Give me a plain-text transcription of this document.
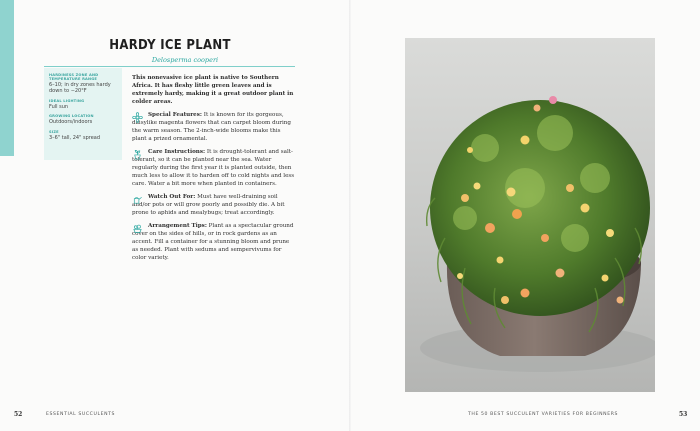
HARDY ICE PLANT
Delosperma cooperi
HARDINESS ZONE AND TEMPERATURE RANGE
6–10; in dry zones hardy down to −20°F
IDEAL LIGHTING
Full sun
GROWING LOCATION
Outdoors/indoors
SIZE
3–6" tall, 24" spread

This nonevasive ice plant is native to Southern Africa. It has fleshy little green leaves and is extremely hardy, making it a great outdoor plant in colder areas.

Special Features: It is known for its gorgeous, daisylike magenta flowers that can carpet bloom during the warm season. The 2-inch-wide blooms make this plant a prized ornamental.

Care Instructions: It is drought-tolerant and salt-tolerant, so it can be planted near the sea. Water regularly during the first year it is planted outside, then much less to allow it to harden off to cold nights and less care. Water a bit more when planted in containers.

Watch Out For: Must have well-draining soil and/or pots or will grow poorly and possibly die. A bit prone to aphids and mealybugs; treat accordingly.

Arrangement Tips: Plant as a spectacular ground cover on the sides of hills, or in rock gardens as an accent. Fill a container for a stunning bloom and prune as needed. Plant with sedums and sempervivums for color variety.

52	ESSENTIAL SUCCULENTS	THE 50 BEST SUCCULENT VARIETIES FOR BEGINNERS	53
